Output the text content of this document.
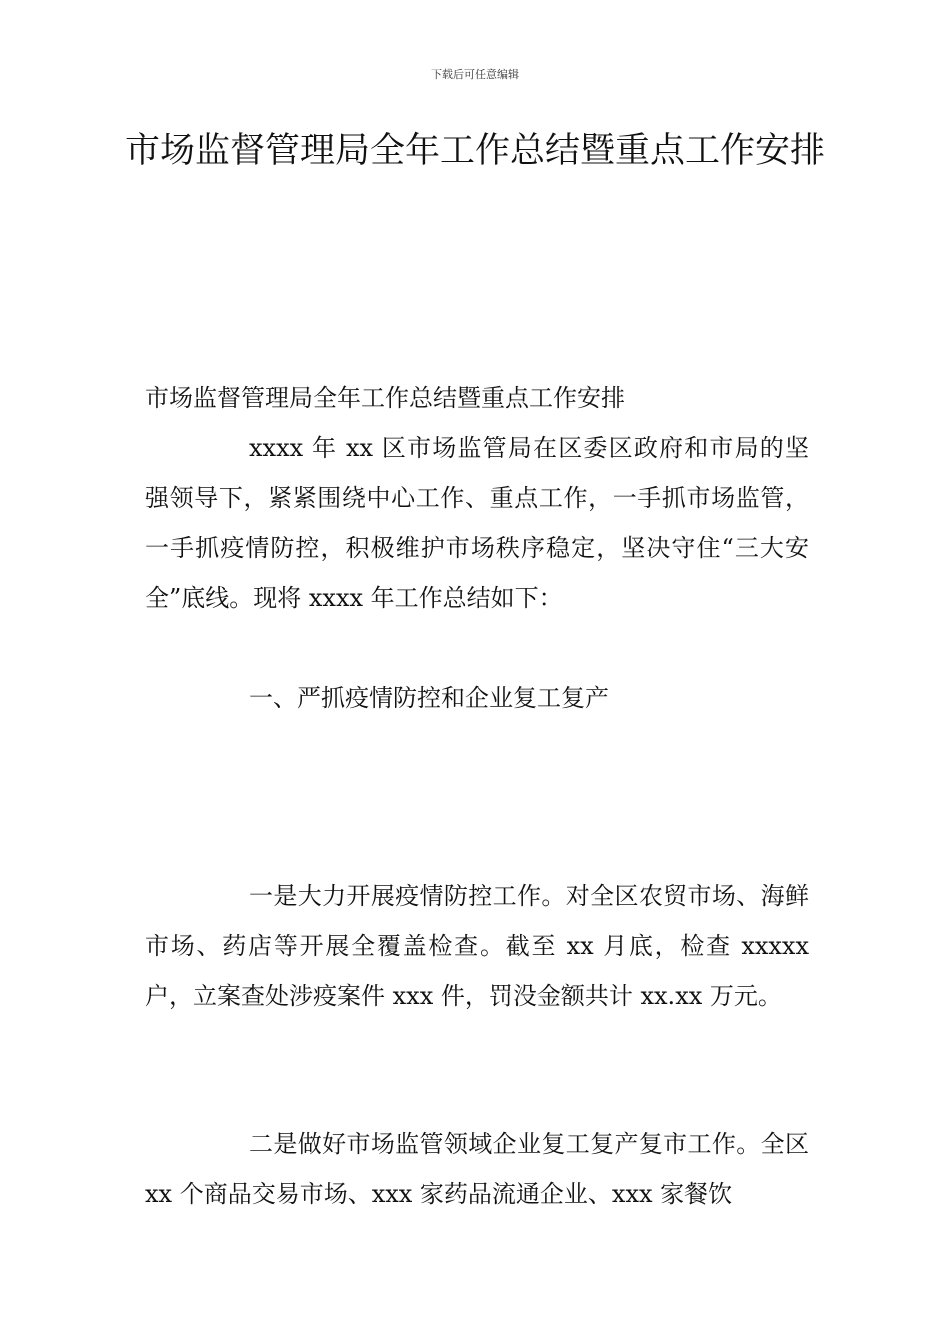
下载后可任意编辑
市场监督管理局全年工作总结暨重点工作安排

市场监督管理局全年工作总结暨重点工作安排

xxxx 年 xx 区市场监管局在区委区政府和市局的坚强领导下，紧紧围绕中心工作、重点工作，一手抓市场监管，一手抓疫情防控，积极维护市场秩序稳定，坚决守住“三大安全”底线。现将 xxxx 年工作总结如下：

一、严抓疫情防控和企业复工复产

一是大力开展疫情防控工作。对全区农贸市场、海鲜市场、药店等开展全覆盖检查。截至 xx 月底，检查 xxxxx 户，立案查处涉疫案件 xxx 件，罚没金额共计 xx.xx 万元。

二是做好市场监管领域企业复工复产复市工作。全区 xx 个商品交易市场、xxx 家药品流通企业、xxx 家餐饮
